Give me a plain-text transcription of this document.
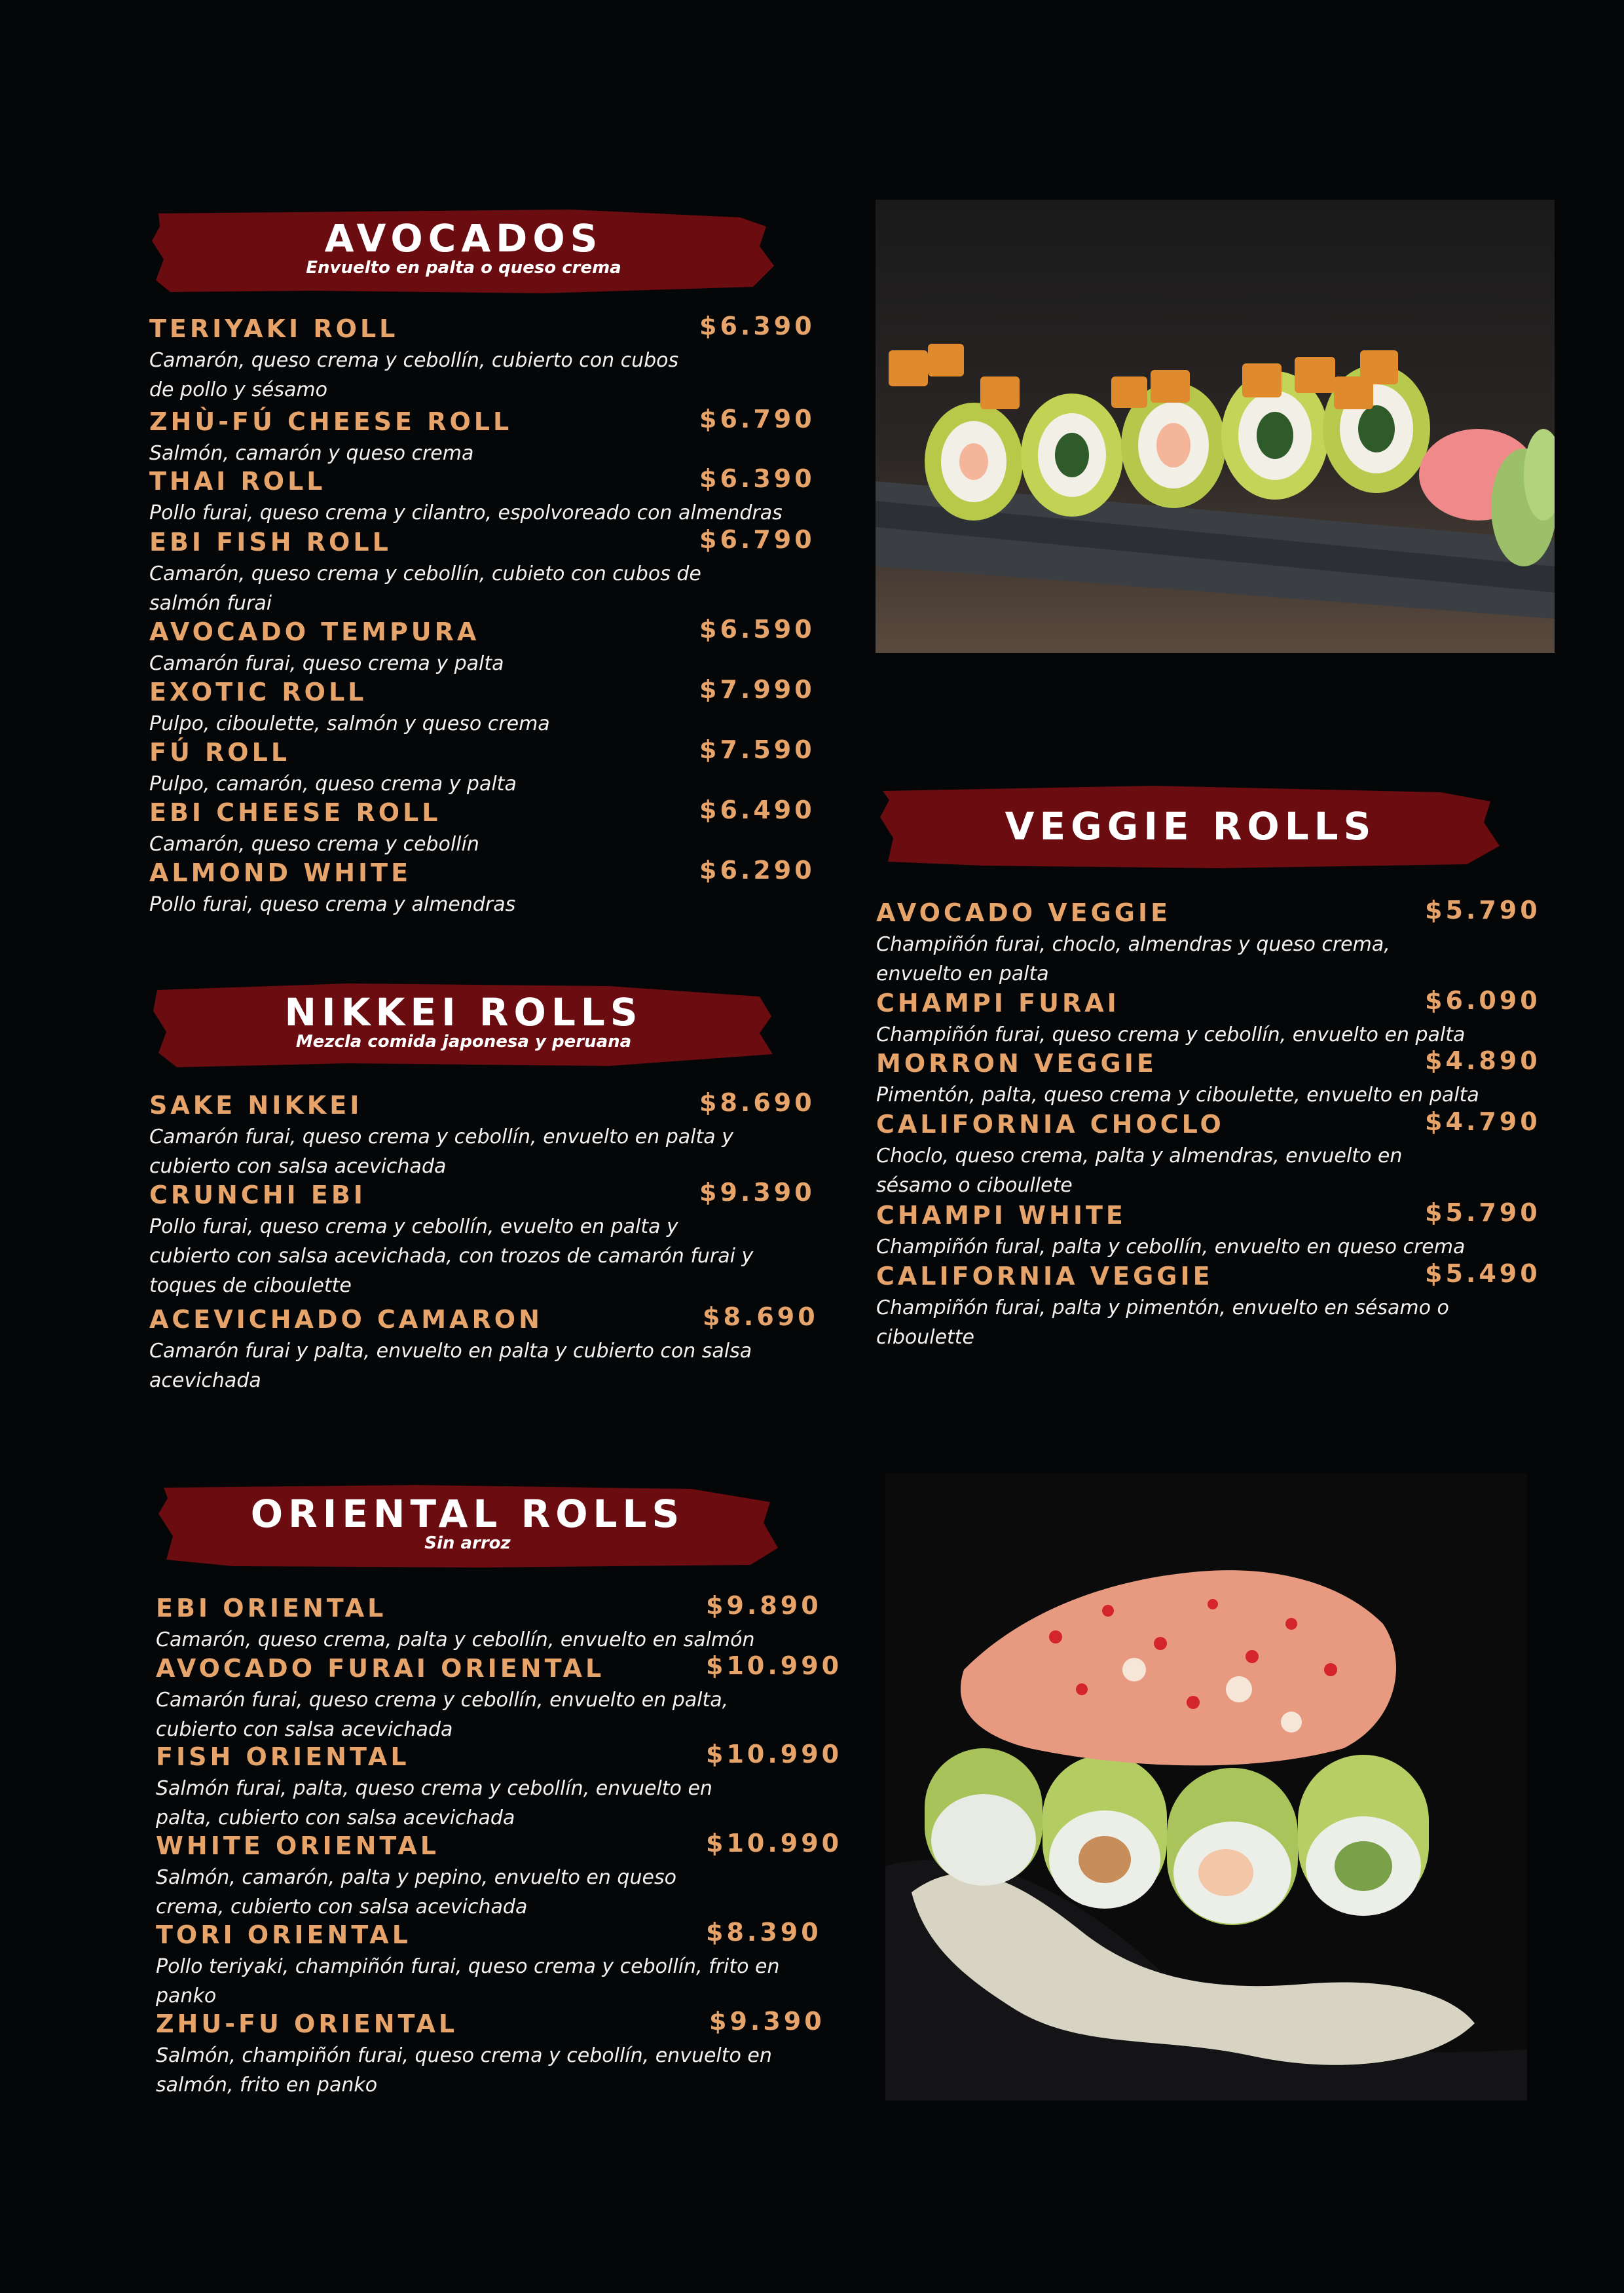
AVOCADOS
Envuelto en palta o queso crema
TERIYAKI ROLL	$6.390
Camarón, queso crema y cebollín, cubierto con cubos
de pollo y sésamo
ZHÙ-FÚ CHEESE ROLL	$6.790
Salmón, camarón y queso crema
THAI ROLL	$6.390
Pollo furai, queso crema y cilantro, espolvoreado con almendras
EBI FISH ROLL	$6.790
Camarón, queso crema y cebollín, cubieto con cubos de
salmón furai
AVOCADO TEMPURA	$6.590
Camarón furai, queso crema y palta
EXOTIC ROLL	$7.990
Pulpo, ciboulette, salmón y queso crema
FÚ ROLL	$7.590
Pulpo, camarón, queso crema y palta
EBI CHEESE ROLL	$6.490
Camarón, queso crema y cebollín
ALMOND WHITE	$6.290
Pollo furai, queso crema y almendras
NIKKEI ROLLS
Mezcla comida japonesa y peruana
SAKE NIKKEI	$8.690
Camarón furai, queso crema y cebollín, envuelto en palta y
cubierto con salsa acevichada
CRUNCHI EBI	$9.390
Pollo furai, queso crema y cebollín, evuelto en palta y
cubierto con salsa acevichada, con trozos de camarón furai y
toques de ciboulette
ACEVICHADO CAMARON	$8.690
Camarón furai y palta, envuelto en palta y cubierto con salsa
acevichada
ORIENTAL ROLLS
Sin arroz
EBI ORIENTAL	$9.890
Camarón, queso crema, palta y cebollín, envuelto en salmón
AVOCADO FURAI ORIENTAL	$10.990
Camarón furai, queso crema y cebollín, envuelto en palta,
cubierto con salsa acevichada
FISH ORIENTAL	$10.990
Salmón furai, palta, queso crema y cebollín, envuelto en
palta, cubierto con salsa acevichada
WHITE ORIENTAL	$10.990
Salmón, camarón, palta y pepino, envuelto en queso
crema, cubierto con salsa acevichada
TORI ORIENTAL	$8.390
Pollo teriyaki, champiñón furai, queso crema y cebollín, frito en
panko
ZHU-FU ORIENTAL	$9.390
Salmón, champiñón furai, queso crema y cebollín, envuelto en
salmón, frito en panko
VEGGIE ROLLS
AVOCADO VEGGIE	$5.790
Champiñón furai, choclo, almendras y queso crema,
envuelto en palta
CHAMPI FURAI	$6.090
Champiñón furai, queso crema y cebollín, envuelto en palta
MORRON VEGGIE	$4.890
Pimentón, palta, queso crema y ciboulette, envuelto en palta
CALIFORNIA CHOCLO	$4.790
Choclo, queso crema, palta y almendras, envuelto en
sésamo o ciboullete
CHAMPI WHITE	$5.790
Champiñón fural, palta y cebollín, envuelto en queso crema
CALIFORNIA VEGGIE	$5.490
Champiñón furai, palta y pimentón, envuelto en sésamo o
ciboulette
